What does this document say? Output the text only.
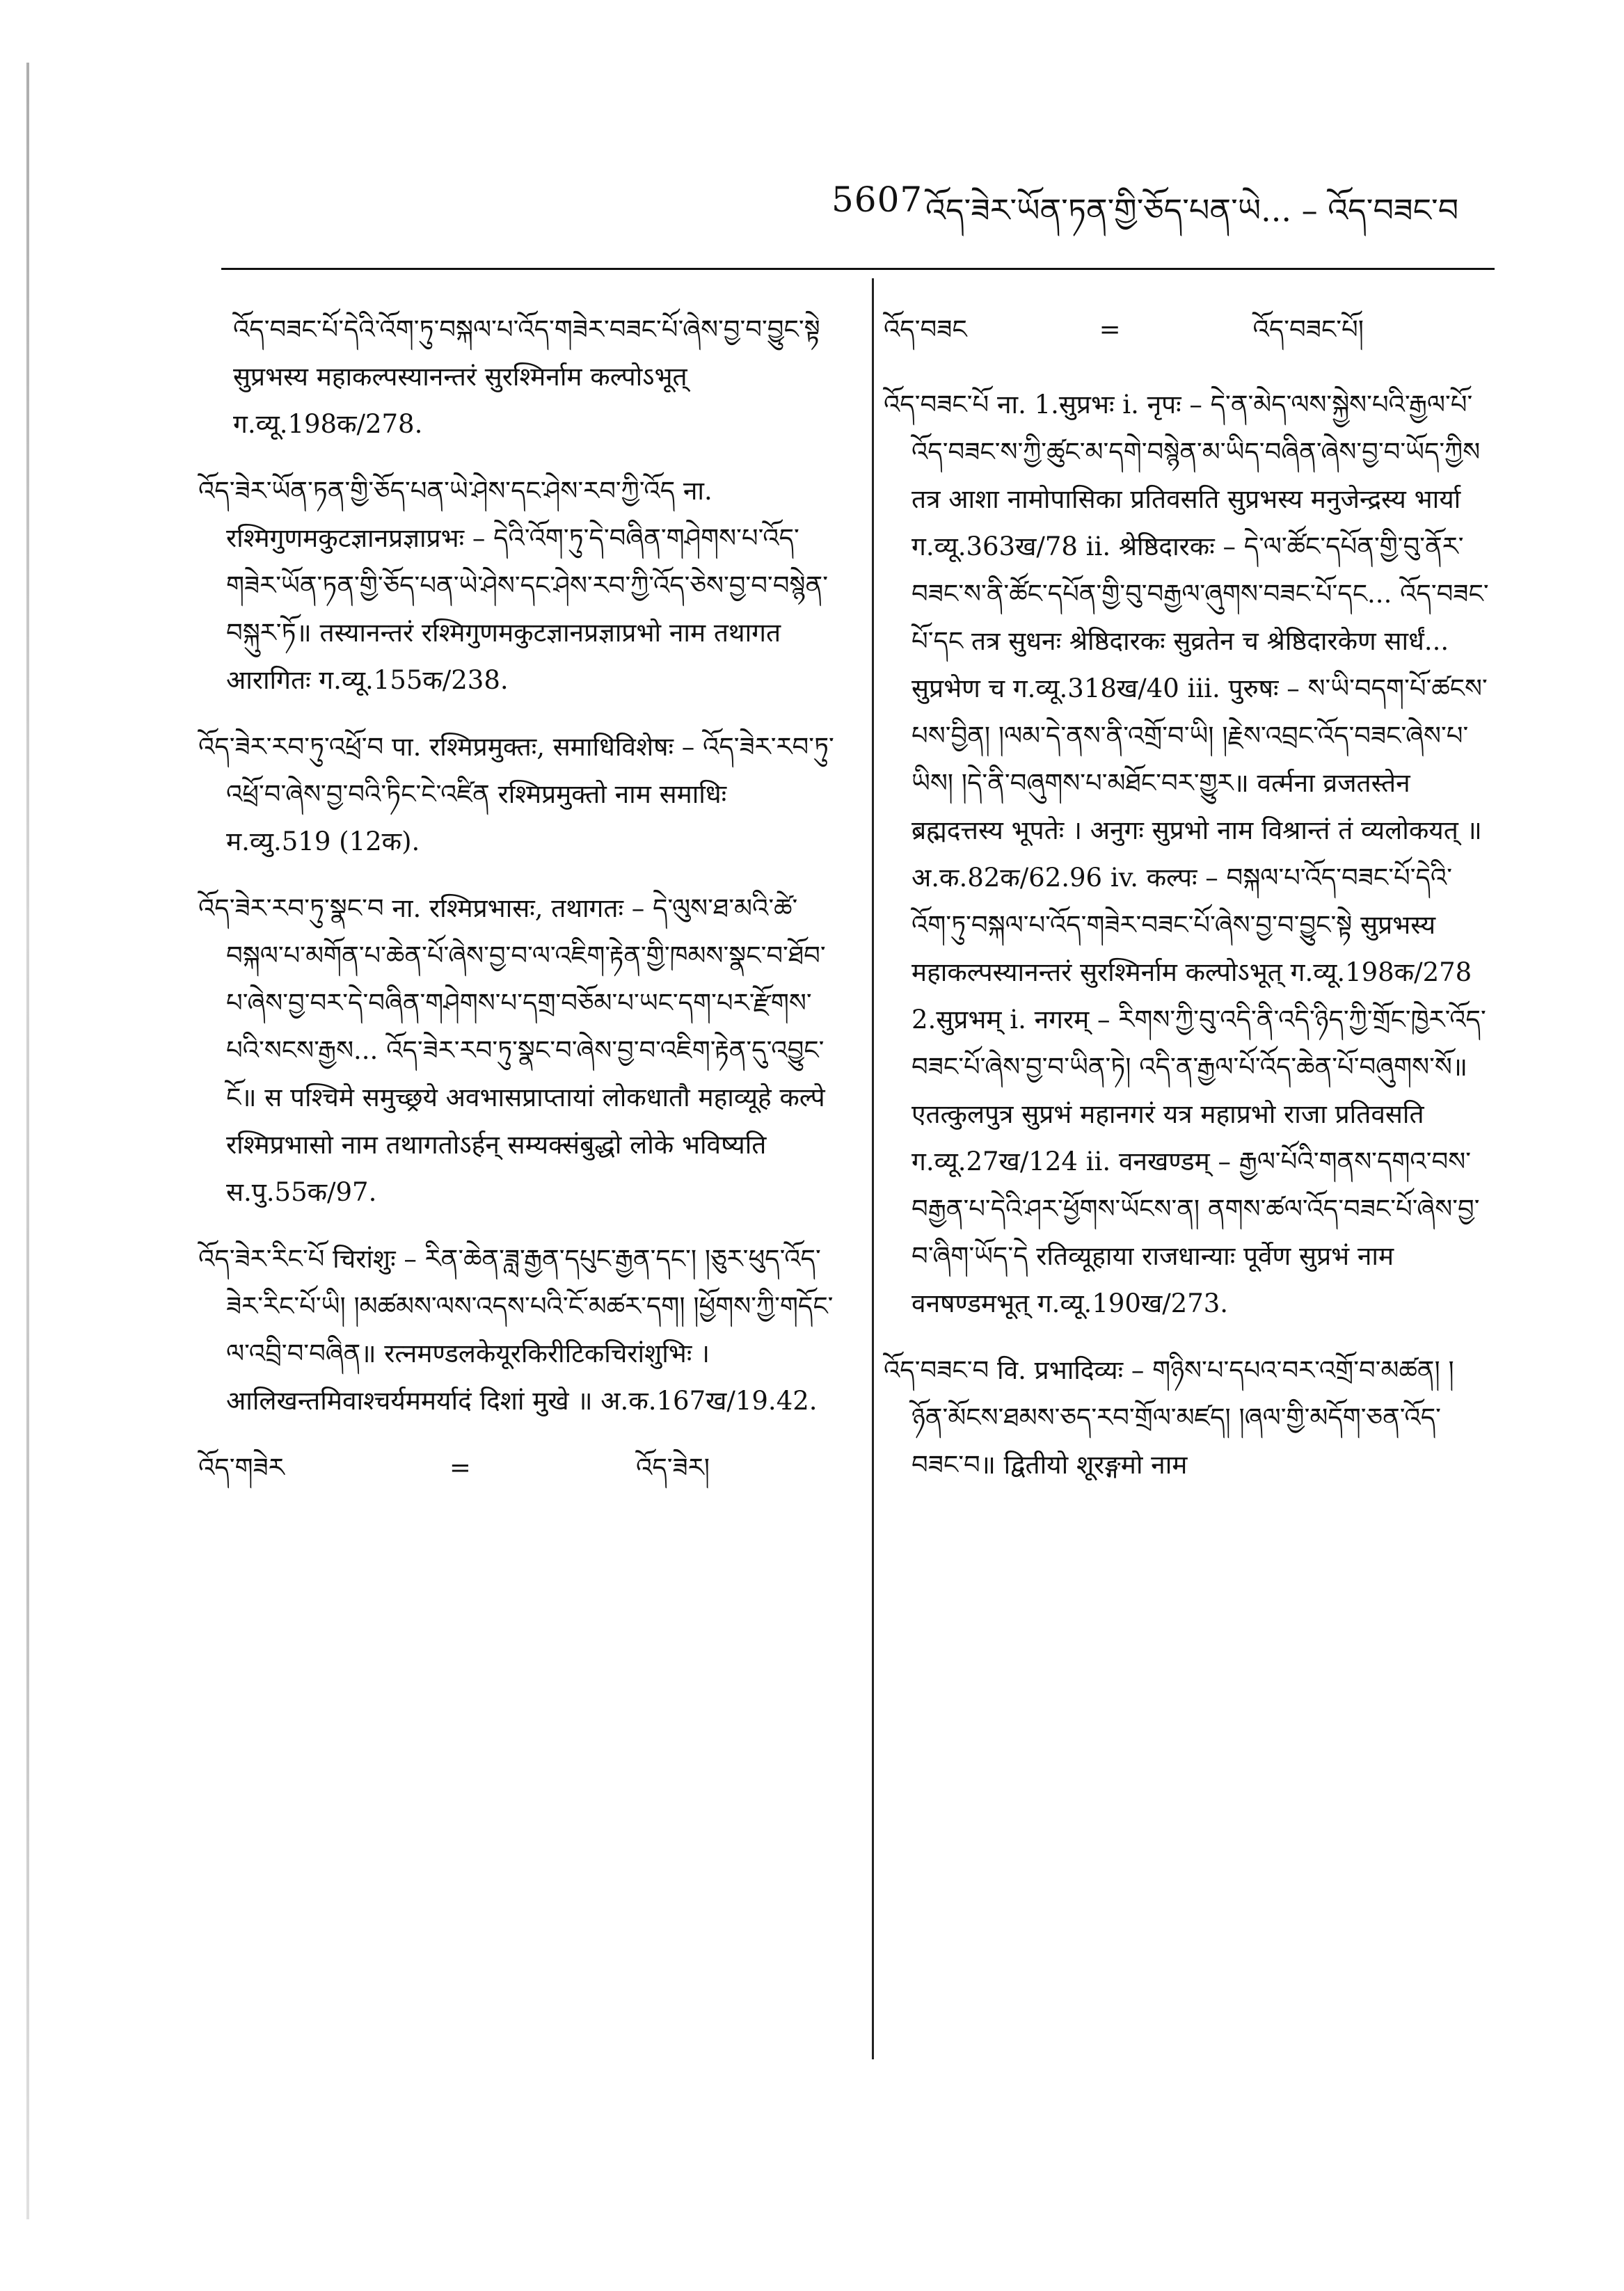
5607 འོད་ཟེར་ཡོན་ཏན་གྱི་ཅོད་པན་ཡེ... – འོད་བཟང་བ

འོད་བཟང་པོ་དེའི་འོག་ཏུ་བསྐལ་པ་འོད་གཟེར་བཟང་པོ་ཞེས་བྱ་བ་བྱུང་སྟེ सुप्रभस्य महाकल्पस्यानन्तरं सुरश्मिर्नाम कल्पोऽभूत् ग.व्यू.198क/278.

འོད་ཟེར་ཡོན་ཏན་གྱི་ཅོད་པན་ཡེ་ཤེས་དང་ཤེས་རབ་ཀྱི་འོད ना. रश्मिगुणमकुटज्ञानप्रज्ञाप्रभः – དེའི་འོག་ཏུ་དེ་བཞིན་གཤེགས་པ་འོད་གཟེར་ཡོན་ཏན་གྱི་ཅོད་པན་ཡེ་ཤེས་དང་ཤེས་རབ་ཀྱི་འོད་ཅེས་བྱ་བ་བསྙེན་བསྐུར་ཏོ॥ तस्यानन्तरं रश्मिगुणमकुटज्ञानप्रज्ञाप्रभो नाम तथागत आरागितः ग.व्यू.155क/238.

འོད་ཟེར་རབ་ཏུ་འཕྲོ་བ पा. रश्मिप्रमुक्तः, समाधिविशेषः – འོད་ཟེར་རབ་ཏུ་འཕྲོ་བ་ཞེས་བྱ་བའི་ཏིང་ངེ་འཛིན रश्मिप्रमुक्तो नाम समाधिः म.व्यु.519 (12क).

འོད་ཟེར་རབ་ཏུ་སྣང་བ ना. रश्मिप्रभासः, तथागतः – དེ་ལུས་ཐ་མའི་ཚེ་བསྐལ་པ་མགོན་པ་ཆེན་པོ་ཞེས་བྱ་བ་ལ་འཇིག་རྟེན་གྱི་ཁམས་སྣང་བ་ཐོབ་པ་ཞེས་བྱ་བར་དེ་བཞིན་གཤེགས་པ་དགྲ་བཅོམ་པ་ཡང་དག་པར་རྫོགས་པའི་སངས་རྒྱས... འོད་ཟེར་རབ་ཏུ་སྣང་བ་ཞེས་བྱ་བ་འཇིག་རྟེན་དུ་འབྱུང་ངོ॥ स पश्चिमे समुच्छ्रये अवभासप्राप्तायां लोकधातौ महाव्यूहे कल्पे रश्मिप्रभासो नाम तथागतोऽर्हन् सम्यक्संबुद्धो लोके भविष्यति स.पु.55क/97.

འོད་ཟེར་རིང་པོ चिरांशुः – རིན་ཆེན་ཟླ་རྒྱན་དཔུང་རྒྱན་དང་། །ཅུར་ཕུད་འོད་ཟེར་རིང་པོ་ཡི། །མཚམས་ལས་འདས་པའི་ངོ་མཚར་དག། །ཕྱོགས་ཀྱི་གདོང་ལ་འབྲི་བ་བཞིན॥ रत्नमण्डलकेयूरकिरीटिकचिरांशुभिः । आलिखन्तमिवाश्चर्यममर्यादं दिशां मुखे ॥ अ.क.167ख/19.42.

འོད་གཟེར	=	འོད་ཟེར།
འོད་བཟང	=	འོད་བཟང་པོ།

འོད་བཟང་པོ ना. 1.सुप्रभः i. नृपः – དེ་ན་མེད་ལས་སྐྱེས་པའི་རྒྱལ་པོ་འོད་བཟང་ས་ཀྱི་ཚུང་མ་དགེ་བསྙེན་མ་ཡིད་བཞིན་ཞེས་བྱ་བ་ཡོད་ཀྱིས तत्र आशा नामोपासिका प्रतिवसति सुप्रभस्य मनुजेन्द्रस्य भार्या ग.व्यू.363ख/78 ii. श्रेष्ठिदारकः – དེ་ལ་ཚོང་དཔོན་གྱི་བུ་ནོར་བཟང་ས་ནི་ཚོང་དཔོན་གྱི་བུ་བརྒྱལ་ཞུགས་བཟང་པོ་དང... འོད་བཟང་པོ་དང तत्र सुधनः श्रेष्ठिदारकः सुव्रतेन च श्रेष्ठिदारकेण सार्धं... सुप्रभेण च ग.व्यू.318ख/40 iii. पुरुषः – ས་ཡི་བདག་པོ་ཚངས་པས་བྱིན། །ལམ་དེ་ནས་ནི་འགྲོ་བ་ཡི། །རྗེས་འབྲང་འོད་བཟང་ཞེས་པ་ཡིས། །དེ་ནི་བཞུགས་པ་མཐོང་བར་གྱུར॥ वर्त्मना व्रजतस्तेन ब्रह्मदत्तस्य भूपतेः । अनुगः सुप्रभो नाम विश्रान्तं तं व्यलोकयत् ॥ अ.क.82क/62.96 iv. कल्पः – བསྐལ་པ་འོད་བཟང་པོ་དེའི་འོག་ཏུ་བསྐལ་པ་འོད་གཟེར་བཟང་པོ་ཞེས་བྱ་བ་བྱུང་སྟེ सुप्रभस्य महाकल्पस्यानन्तरं सुरश्मिर्नाम कल्पोऽभूत् ग.व्यू.198क/278 2.सुप्रभम् i. नगरम् – རིགས་ཀྱི་བུ་འདི་ནི་འདི་ཉིད་ཀྱི་གྲོང་ཁྱེར་འོད་བཟང་པོ་ཞེས་བྱ་བ་ཡིན་ཏེ། འདི་ན་རྒྱལ་པོ་འོད་ཆེན་པོ་བཞུགས་སོ॥ एतत्कुलपुत्र सुप्रभं महानगरं यत्र महाप्रभो राजा प्रतिवसति ग.व्यू.27ख/124 ii. वनखण्डम् – རྒྱལ་པོའི་གནས་དགའ་བས་བརྒྱན་པ་དེའི་ཤར་ཕྱོགས་ཡོངས་ན། ནགས་ཚལ་འོད་བཟང་པོ་ཞེས་བྱ་བ་ཞིག་ཡོད་དེ रतिव्यूहाया राजधान्याः पूर्वेण सुप्रभं नाम वनषण्डमभूत् ग.व्यू.190ख/273.

འོད་བཟང་བ वि. प्रभादिव्यः – གཉིས་པ་དཔའ་བར་འགྲོ་བ་མཚན། །ཉོན་མོངས་ཐམས་ཅད་རབ་གྲོལ་མཛད། །ཞལ་གྱི་མདོག་ཅན་འོད་བཟང་བ॥ द्वितीयो शूरङ्गमो नाम
